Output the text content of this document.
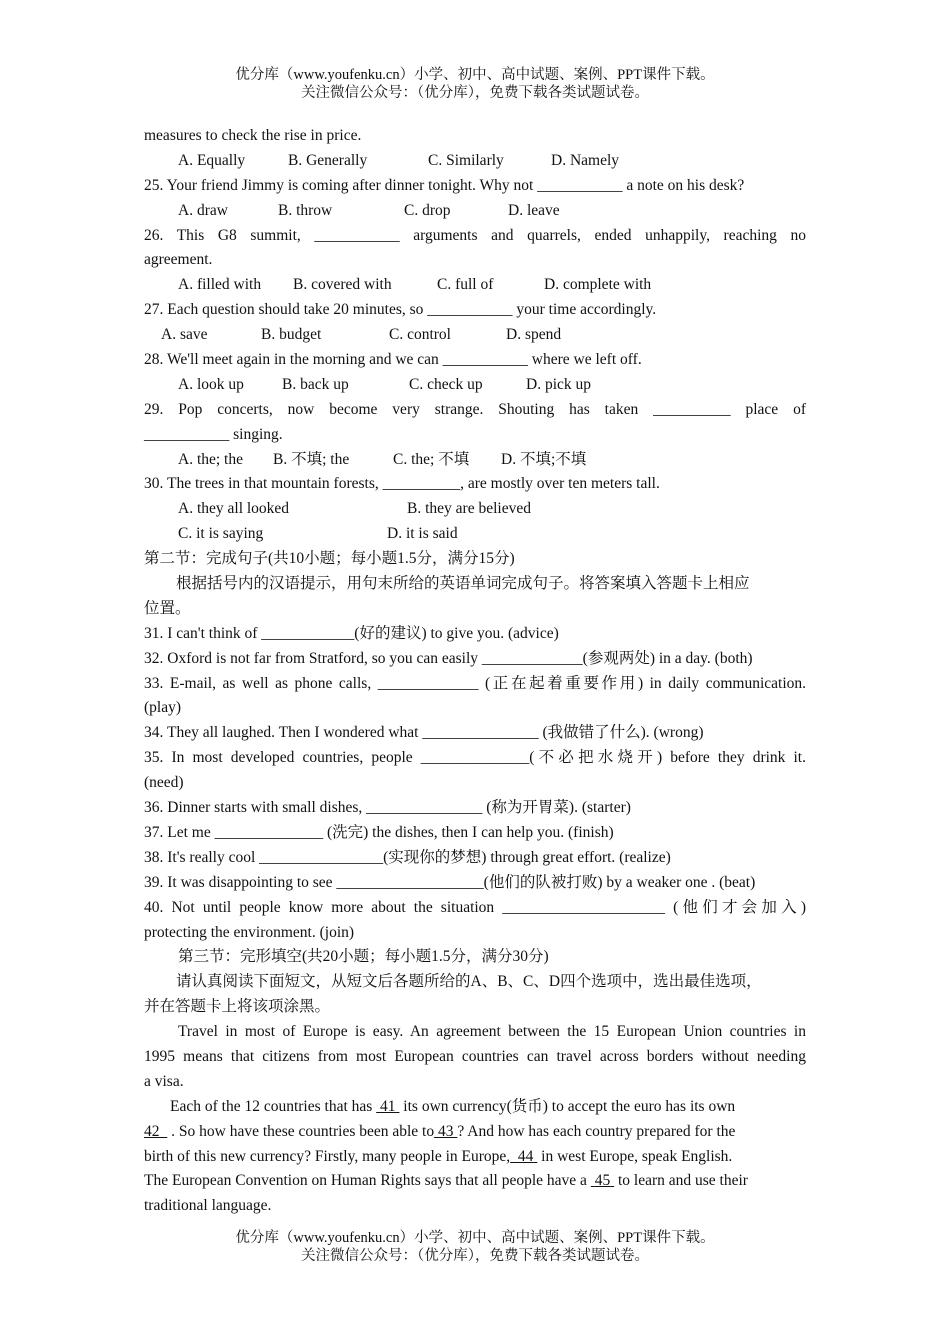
优分库（www.youfenku.cn）小学、初中、高中试题、案例、PPT课件下载。
关注微信公众号：（优分库），免费下载各类试题试卷。
measures to check the rise in price.
A. Equally	B. Generally	C. Similarly	D. Namely
25. Your friend Jimmy is coming after dinner tonight. Why not ___________ a note on his desk?
A. draw	B. throw	C. drop	D. leave
26. This G8 summit, ___________ arguments and quarrels, ended unhappily, reaching no
agreement.
A. filled with B. covered with	C. full of	D. complete with
27. Each question should take 20 minutes, so ___________ your time accordingly.
A. save	B. budget	C. control	D. spend
28. We'll meet again in the morning and we can ___________ where we left off.
A. look up B. back up	C. check up	D. pick up
29. Pop concerts, now become very strange. Shouting has taken __________ place of
___________ singing.
A. the; the B. 不填; the	C. the; 不填 D. 不填;不填
30. The trees in that mountain forests, __________, are mostly over ten meters tall.
A. they all looked	B. they are believed
C. it is saying	D. it is said
第二节：完成句子(共10小题；每小题1.5分，满分15分)
根据括号内的汉语提示，用句末所给的英语单词完成句子。将答案填入答题卡上相应
位置。
31. I can't think of ____________(好的建议) to give you. (advice)
32. Oxford is not far from Stratford, so you can easily _____________(参观两处) in a day. (both)
33. E-mail, as well as phone calls, _____________ (正在起着重要作用) in daily communication.
(play)
34. They all laughed. Then I wondered what _______________ (我做错了什么). (wrong)
35. In most developed countries, people ______________(不必把水烧开) before they drink it.
(need)
36. Dinner starts with small dishes, _______________ (称为开胃菜). (starter)
37. Let me ______________ (洗完) the dishes, then I can help you. (finish)
38. It's really cool ________________(实现你的梦想) through great effort. (realize)
39. It was disappointing to see ___________________(他们的队被打败) by a weaker one . (beat)
40. Not until people know more about the situation _____________________ (他们才会加入)
protecting the environment. (join)
第三节：完形填空(共20小题；每小题1.5分，满分30分)
请认真阅读下面短文，从短文后各题所给的A、B、C、D四个选项中，选出最佳选项，
并在答题卡上将该项涂黑。
Travel in most of Europe is easy. An agreement between the 15 European Union countries in
1995 means that citizens from most European countries can travel across borders without needing
a visa.
Each of the 12 countries that has  41  its own currency(货币) to accept the euro has its own
42   . So how have these countries been able to 43 ? And how has each country prepared for the
birth of this new currency? Firstly, many people in Europe, 44  in west Europe, speak English.
The European Convention on Human Rights says that all people have a  45  to learn and use their
traditional language.
优分库（www.youfenku.cn）小学、初中、高中试题、案例、PPT课件下载。
关注微信公众号：（优分库），免费下载各类试题试卷。
